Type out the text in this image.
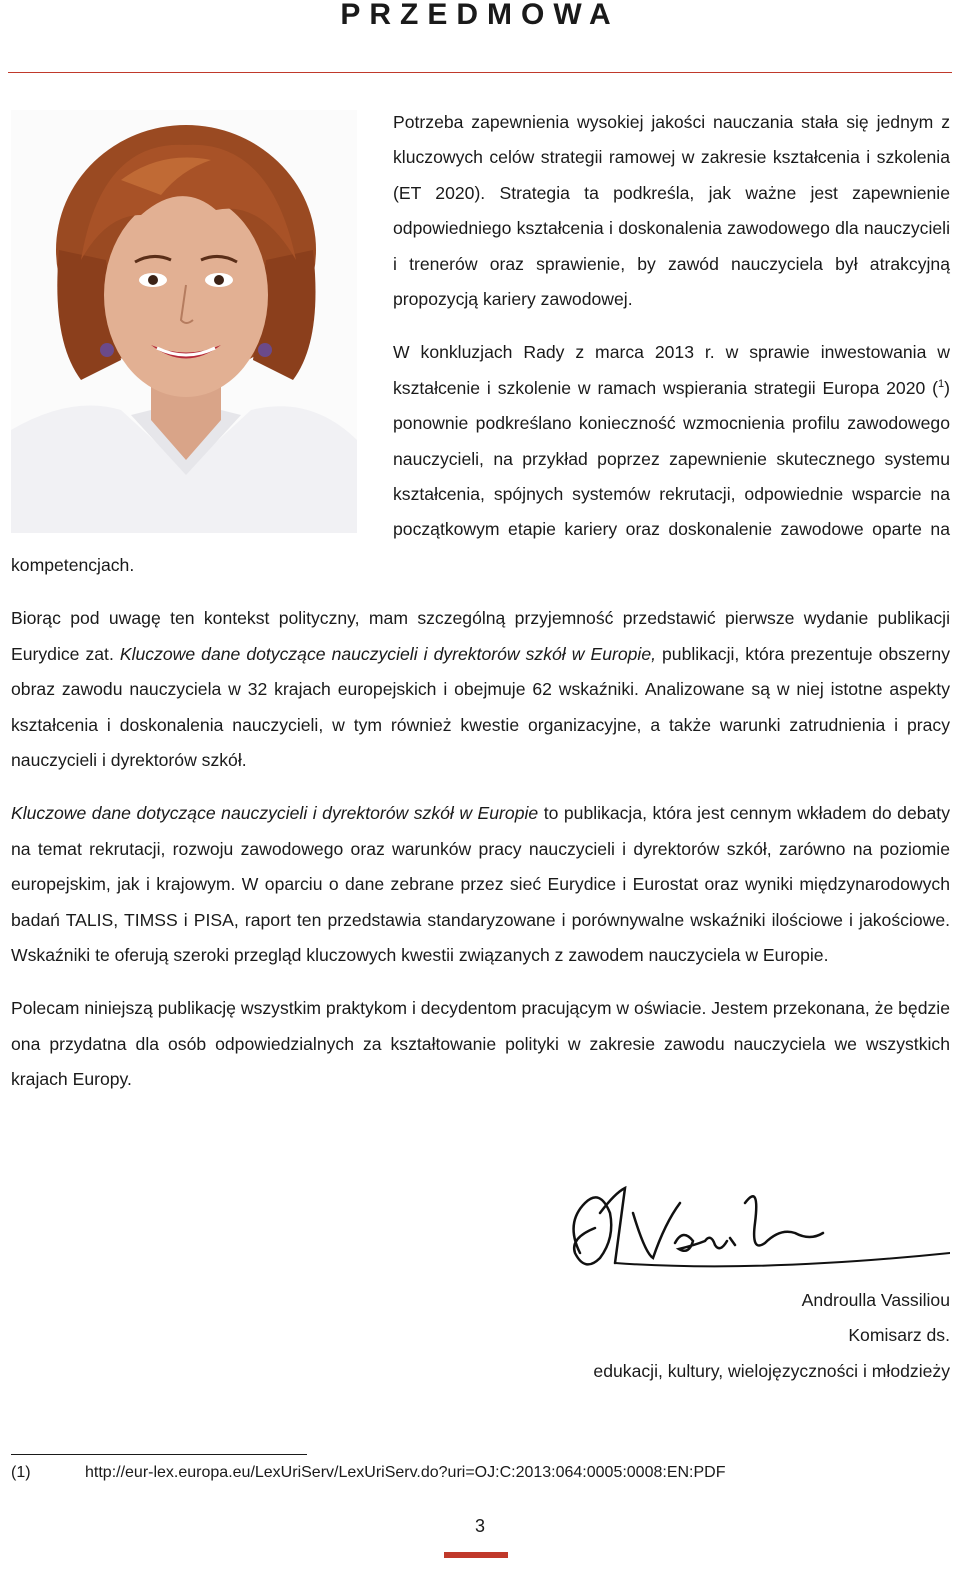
PRZEDMOWA

Potrzeba zapewnienia wysokiej jakości nauczania stała się jednym z kluczowych celów strategii ramowej w zakresie kształcenia i szkolenia (ET 2020). Strategia ta podkreśla, jak ważne jest zapewnienie odpowiedniego kształcenia i doskonalenia zawodowego dla nauczycieli i trenerów oraz sprawienie, by zawód nauczyciela był atrakcyjną propozycją kariery zawodowej.

W konkluzjach Rady z marca 2013 r. w sprawie inwestowania w kształcenie i szkolenie w ramach wspierania strategii Europa 2020 ($^1$) ponownie podkreślano konieczność wzmocnienia profilu zawodowego nauczycieli, na przykład poprzez zapewnienie skutecznego systemu kształcenia, spójnych systemów rekrutacji, odpowiednie wsparcie na początkowym etapie kariery oraz doskonalenie zawodowe oparte na kompetencjach.

Biorąc pod uwagę ten kontekst polityczny, mam szczególną przyjemność przedstawić pierwsze wydanie publikacji Eurydice zat. Kluczowe dane dotyczące nauczycieli i dyrektorów szkół w Europie, publikacji, która prezentuje obszerny obraz zawodu nauczyciela w 32 krajach europejskich i obejmuje 62 wskaźniki. Analizowane są w niej istotne aspekty kształcenia i doskonalenia nauczycieli, w tym również kwestie organizacyjne, a także warunki zatrudnienia i pracy nauczycieli i dyrektorów szkół.

Kluczowe dane dotyczące nauczycieli i dyrektorów szkół w Europie to publikacja, która jest cennym wkładem do debaty na temat rekrutacji, rozwoju zawodowego oraz warunków pracy nauczycieli i dyrektorów szkół, zarówno na poziomie europejskim, jak i krajowym. W oparciu o dane zebrane przez sieć Eurydice i Eurostat oraz wyniki międzynarodowych badań TALIS, TIMSS i PISA, raport ten przedstawia standaryzowane i porównywalne wskaźniki ilościowe i jakościowe. Wskaźniki te oferują szeroki przegląd kluczowych kwestii związanych z zawodem nauczyciela w Europie.

Polecam niniejszą publikację wszystkim praktykom i decydentom pracującym w oświacie. Jestem przekonana, że będzie ona przydatna dla osób odpowiedzialnych za kształtowanie polityki w zakresie zawodu nauczyciela we wszystkich krajach Europy.

Androulla Vassiliou
Komisarz ds.
edukacji, kultury, wielojęzyczności i młodzieży
(1)	http://eur-lex.europa.eu/LexUriServ/LexUriServ.do?uri=OJ:C:2013:064:0005:0008:EN:PDF
3
